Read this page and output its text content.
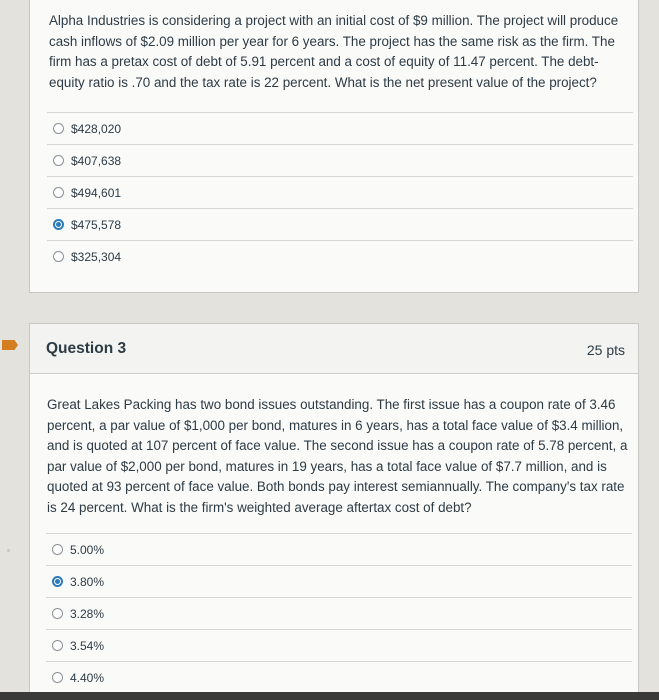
Alpha Industries is considering a project with an initial cost of $9 million. The project will produce cash inflows of $2.09 million per year for 6 years. The project has the same risk as the firm. The firm has a pretax cost of debt of 5.91 percent and a cost of equity of 11.47 percent. The debt-equity ratio is .70 and the tax rate is 22 percent. What is the net present value of the project?
$428,020
$407,638
$494,601
$475,578
$325,304
Question 3	25 pts
Great Lakes Packing has two bond issues outstanding. The first issue has a coupon rate of 3.46 percent, a par value of $1,000 per bond, matures in 6 years, has a total face value of $3.4 million, and is quoted at 107 percent of face value. The second issue has a coupon rate of 5.78 percent, a par value of $2,000 per bond, matures in 19 years, has a total face value of $7.7 million, and is quoted at 93 percent of face value. Both bonds pay interest semiannually. The company's tax rate is 24 percent. What is the firm's weighted average aftertax cost of debt?
5.00%
3.80%
3.28%
3.54%
4.40%
